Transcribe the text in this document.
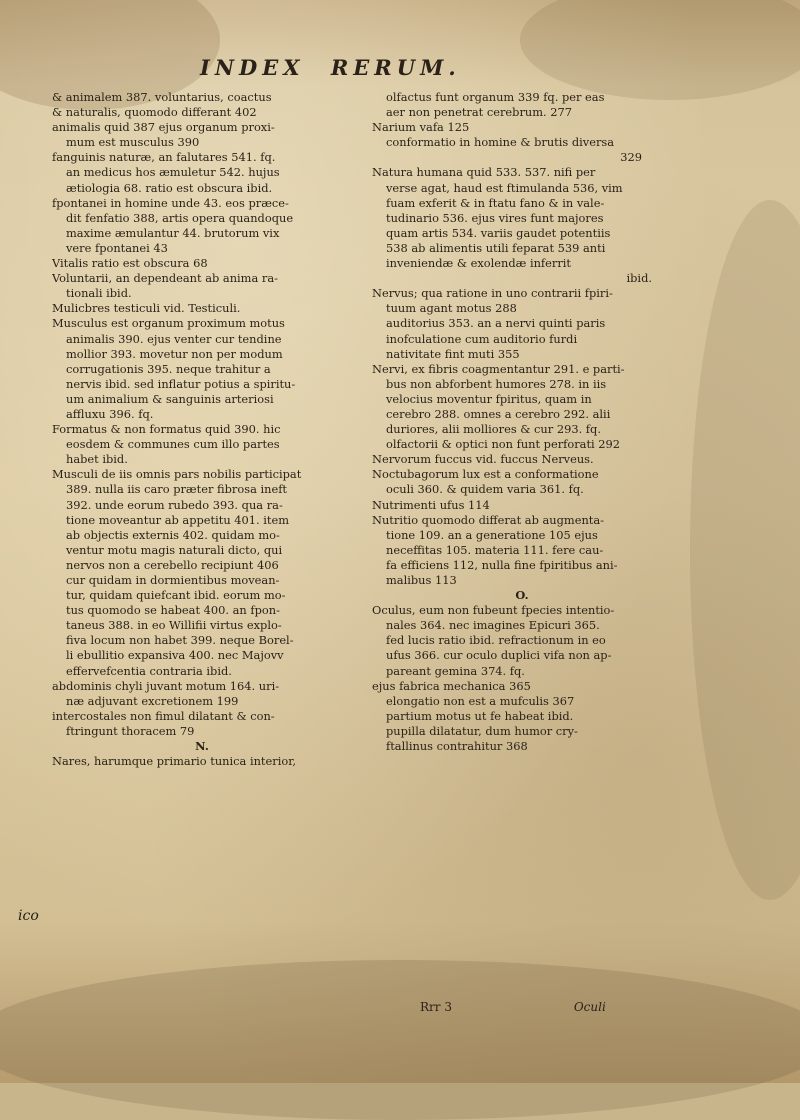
INDEX RERUM.
ico
& animalem 387. voluntarius, coactus
& naturalis, quomodo differant 402
animalis quid 387 ejus organum proxi-
mum est musculus 390
fanguinis naturæ, an falutares 541. fq.
an medicus hos æmuletur 542. hujus
ætiologia 68. ratio est obscura ibid.
fpontanei in homine unde 43. eos præce-
dit fenfatio 388, artis opera quandoque
maxime æmulantur 44. brutorum vix
vere fpontanei 43
Vitalis ratio est obscura 68
Voluntarii, an dependeant ab anima ra-
tionali ibid.
Mulicbres testiculi vid. Testiculi.
Musculus est organum proximum motus
animalis 390. ejus venter cur tendine
mollior 393. movetur non per modum
corrugationis 395. neque trahitur a
nervis ibid. sed inflatur potius a spiritu-
um animalium & sanguinis arteriosi
affluxu 396. fq.
Formatus & non formatus quid 390. hic
eosdem & communes cum illo partes
habet ibid.
Musculi de iis omnis pars nobilis participat
389. nulla iis caro præter fibrosa ineft
392. unde eorum rubedo 393. qua ra-
tione moveantur ab appetitu 401. item
ab objectis externis 402. quidam mo-
ventur motu magis naturali dicto, qui
nervos non a cerebello recipiunt 406
cur quidam in dormientibus movean-
tur, quidam quiefcant ibid. eorum mo-
tus quomodo se habeat 400. an fpon-
taneus 388. in eo Willifii virtus explo-
fiva locum non habet 399. neque Borel-
li ebullitio expansiva 400. nec Majovv
effervefcentia contraria ibid.
abdominis chyli juvant motum 164. uri-
næ adjuvant excretionem 199
intercostales non fimul dilatant & con-
ftringunt thoracem 79
N.
Nares, harumque primario tunica interior,
olfactus funt organum 339 fq. per eas
aer non penetrat cerebrum. 277
Narium vafa 125
conformatio in homine & brutis diversa
329
Natura humana quid 533. 537. nifi per
verse agat, haud est ftimulanda 536, vim
fuam exferit & in ftatu fano & in vale-
tudinario 536. ejus vires funt majores
quam artis 534. variis gaudet potentiis
538 ab alimentis utili feparat 539 anti
inveniendæ & exolendæ inferrit
ibid.
Nervus; qua ratione in uno contrarii fpiri-
tuum agant motus 288
auditorius 353. an a nervi quinti paris
inofculatione cum auditorio furdi
nativitate fint muti 355
Nervi, ex fibris coagmentantur 291. e parti-
bus non abforbent humores 278. in iis
velocius moventur fpiritus, quam in
cerebro 288. omnes a cerebro 292. alii
duriores, alii molliores & cur 293. fq.
olfactorii & optici non funt perforati 292
Nervorum fuccus vid. fuccus Nerveus.
Noctubagorum lux est a conformatione
oculi 360. & quidem varia 361. fq.
Nutrimenti ufus 114
Nutritio quomodo differat ab augmenta-
tione 109. an a generatione 105 ejus
neceffitas 105. materia 111. fere cau-
fa efficiens 112, nulla fine fpiritibus ani-
malibus 113
O.
Oculus, eum non fubeunt fpecies intentio-
nales 364. nec imagines Epicuri 365.
fed lucis ratio ibid. refractionum in eo
ufus 366. cur oculo duplici vifa non ap-
pareant gemina 374. fq.
ejus fabrica mechanica 365
elongatio non est a mufculis 367
partium motus ut fe habeat ibid.
pupilla dilatatur, dum humor cry-
ftallinus contrahitur 368
Rrr 3	Oculi
